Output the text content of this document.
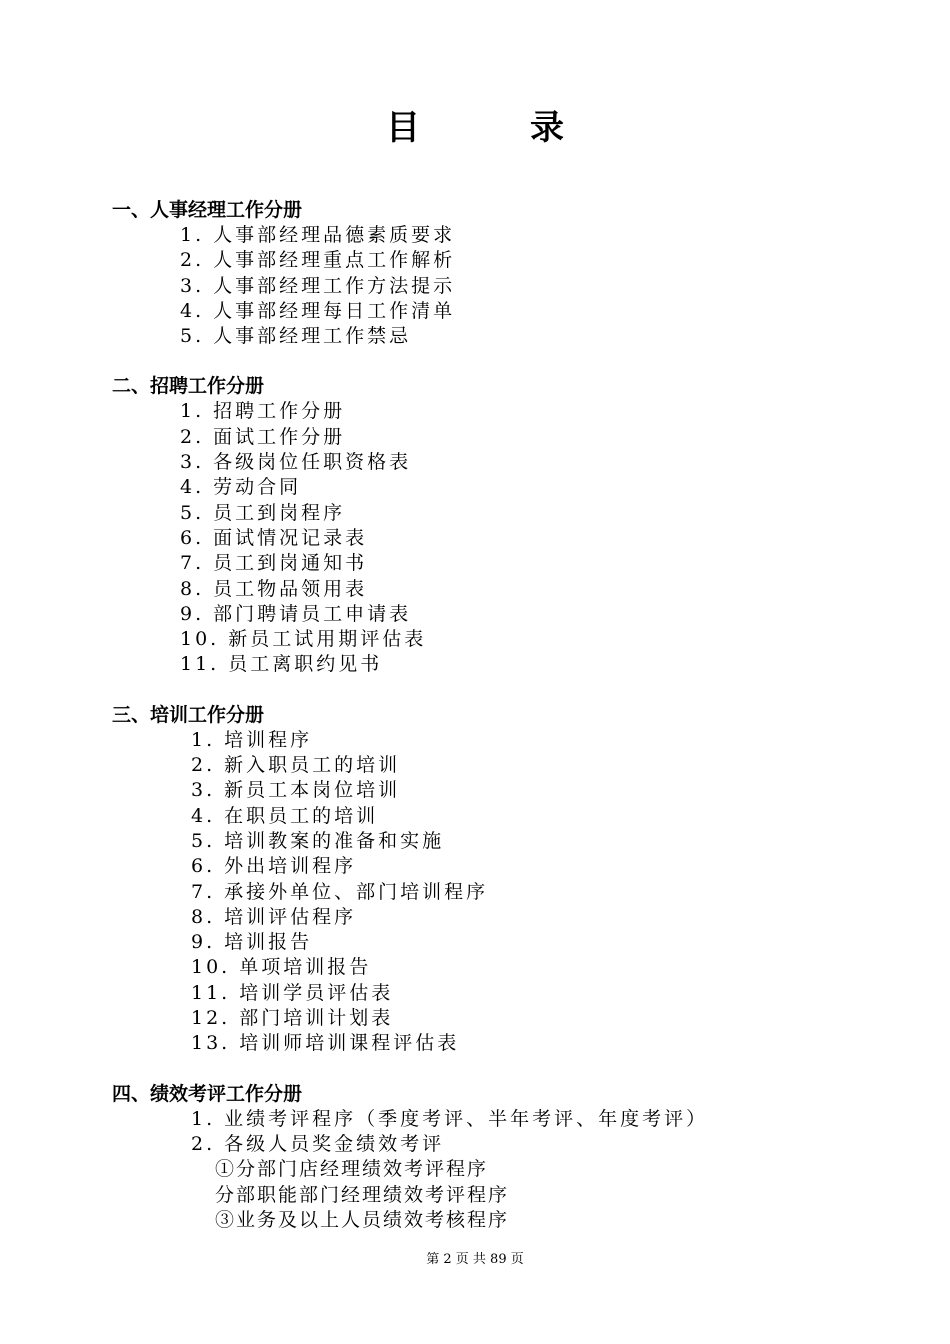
目	录
一、人事经理工作分册
1. 人事部经理品德素质要求
2. 人事部经理重点工作解析
3. 人事部经理工作方法提示
4. 人事部经理每日工作清单
5. 人事部经理工作禁忌
二、招聘工作分册
1. 招聘工作分册
2. 面试工作分册
3. 各级岗位任职资格表
4. 劳动合同
5. 员工到岗程序
6. 面试情况记录表
7. 员工到岗通知书
8. 员工物品领用表
9. 部门聘请员工申请表
10. 新员工试用期评估表
11. 员工离职约见书
三、培训工作分册
1. 培训程序
2. 新入职员工的培训
3. 新员工本岗位培训
4. 在职员工的培训
5. 培训教案的准备和实施
6. 外出培训程序
7. 承接外单位、部门培训程序
8. 培训评估程序
9. 培训报告
10. 单项培训报告
11. 培训学员评估表
12. 部门培训计划表
13. 培训师培训课程评估表
四、绩效考评工作分册
1. 业绩考评程序（季度考评、半年考评、年度考评）
2. 各级人员奖金绩效考评
①分部门店经理绩效考评程序
分部职能部门经理绩效考评程序
③业务及以上人员绩效考核程序
第 2 页 共 89 页
